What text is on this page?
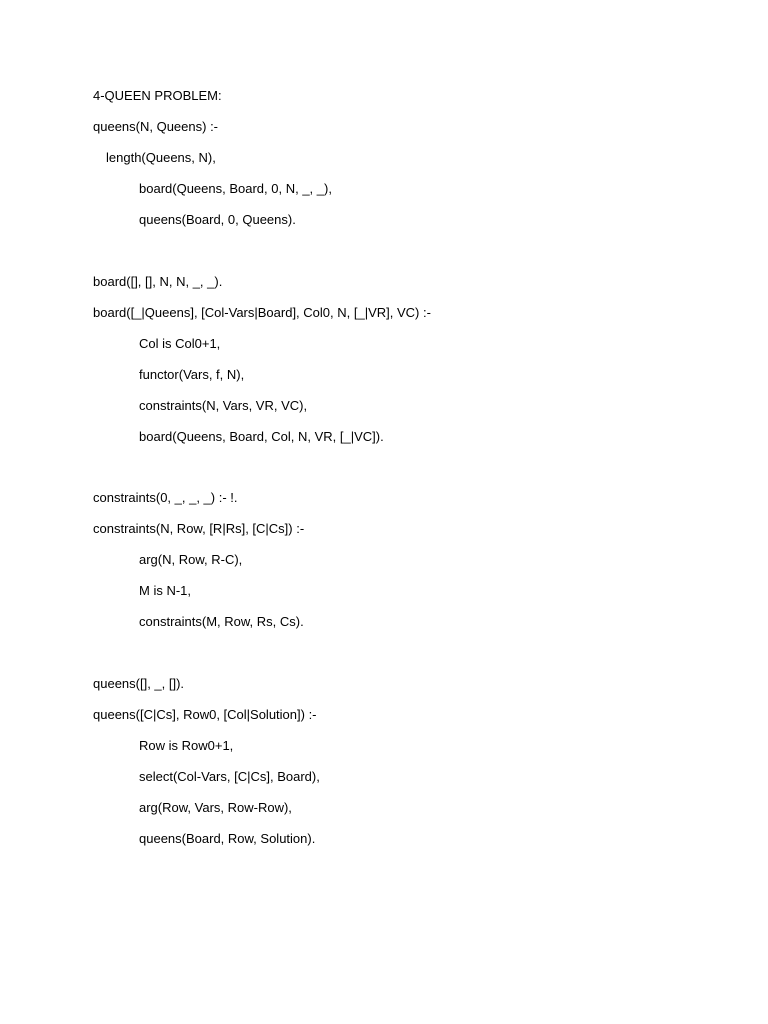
4-QUEEN PROBLEM:
queens(N, Queens) :-
length(Queens, N),
board(Queens, Board, 0, N, _, _),
queens(Board, 0, Queens).
board([], [], N, N, _, _).
board([_|Queens], [Col-Vars|Board], Col0, N, [_|VR], VC) :-
Col is Col0+1,
functor(Vars, f, N),
constraints(N, Vars, VR, VC),
board(Queens, Board, Col, N, VR, [_|VC]).
constraints(0, _, _, _) :- !.
constraints(N, Row, [R|Rs], [C|Cs]) :-
arg(N, Row, R-C),
M is N-1,
constraints(M, Row, Rs, Cs).
queens([], _, []).
queens([C|Cs], Row0, [Col|Solution]) :-
Row is Row0+1,
select(Col-Vars, [C|Cs], Board),
arg(Row, Vars, Row-Row),
queens(Board, Row, Solution).
